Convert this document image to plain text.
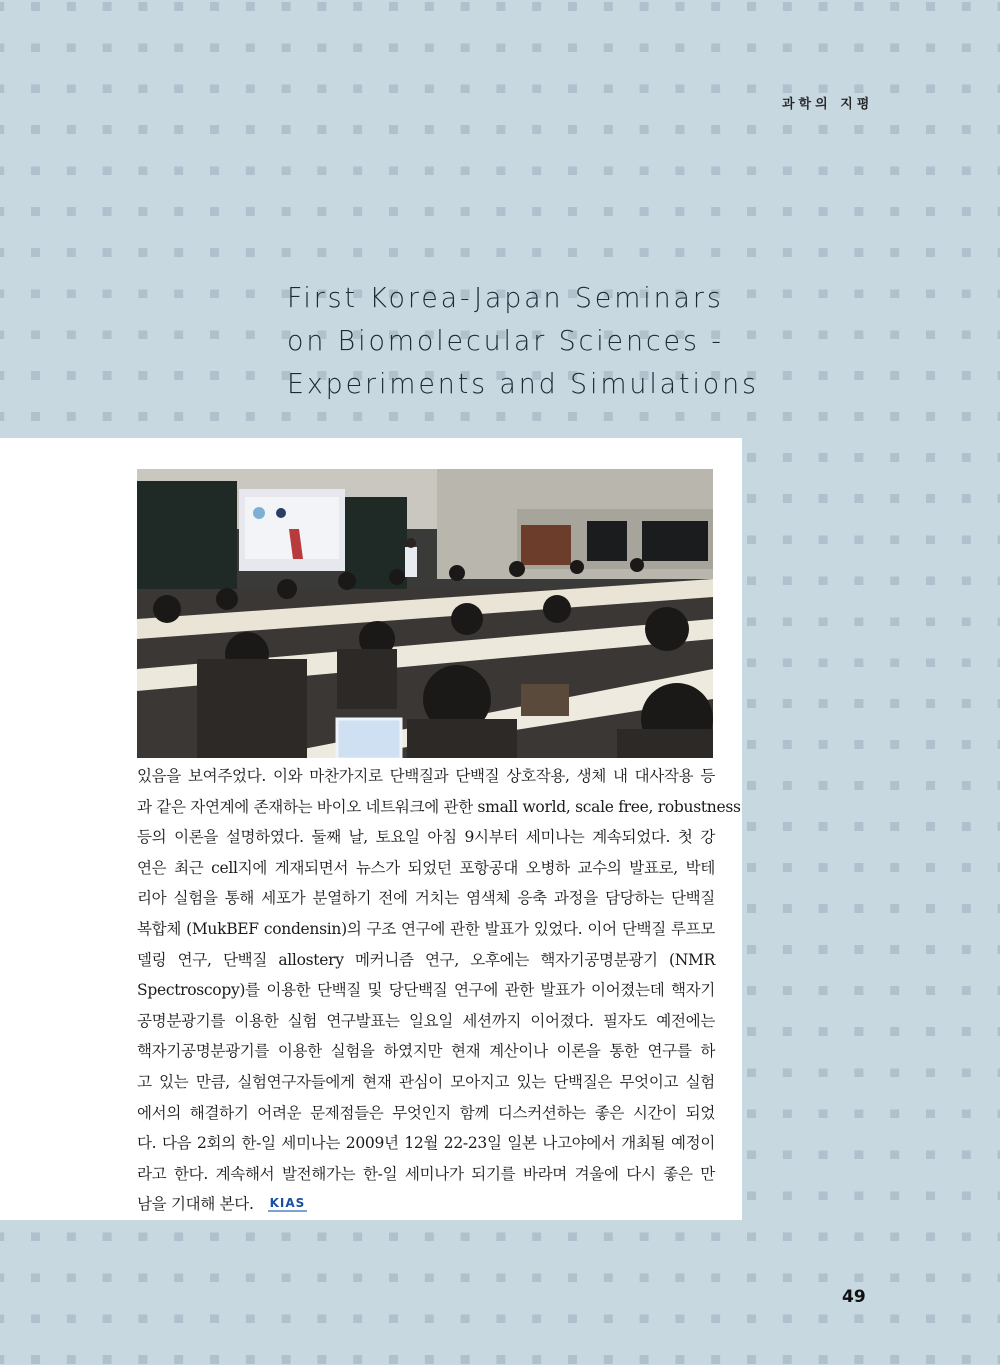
과학의 지평
First Korea-Japan Seminars
on Biomolecular Sciences -
Experiments and Simulations
있음을 보여주었다. 이와 마찬가지로 단백질과 단백질 상호작용, 생체 내 대사작용 등
과 같은 자연계에 존재하는 바이오 네트워크에 관한 small world, scale free, robustness
등의 이론을 설명하였다. 둘째 날, 토요일 아침 9시부터 세미나는 계속되었다. 첫 강
연은 최근 cell지에 게재되면서 뉴스가 되었던 포항공대 오병하 교수의 발표로, 박테
리아 실험을 통해 세포가 분열하기 전에 거치는 염색체 응축 과정을 담당하는 단백질
복합체 (MukBEF condensin)의 구조 연구에 관한 발표가 있었다. 이어 단백질 루프모
델링 연구, 단백질 allostery 메커니즘 연구, 오후에는 핵자기공명분광기 (NMR
Spectroscopy)를 이용한 단백질 및 당단백질 연구에 관한 발표가 이어졌는데 핵자기
공명분광기를 이용한 실험 연구발표는 일요일 세션까지 이어졌다. 필자도 예전에는
핵자기공명분광기를 이용한 실험을 하였지만 현재 계산이나 이론을 통한 연구를 하
고 있는 만큼, 실험연구자들에게 현재 관심이 모아지고 있는 단백질은 무엇이고 실험
에서의 해결하기 어려운 문제점들은 무엇인지 함께 디스커션하는 좋은 시간이 되었
다. 다음 2회의 한-일 세미나는 2009년 12월 22-23일 일본 나고야에서 개최될 예정이
라고 한다. 계속해서 발전해가는 한-일 세미나가 되기를 바라며 겨울에 다시 좋은 만
남을 기대해 본다. KIAS
49
